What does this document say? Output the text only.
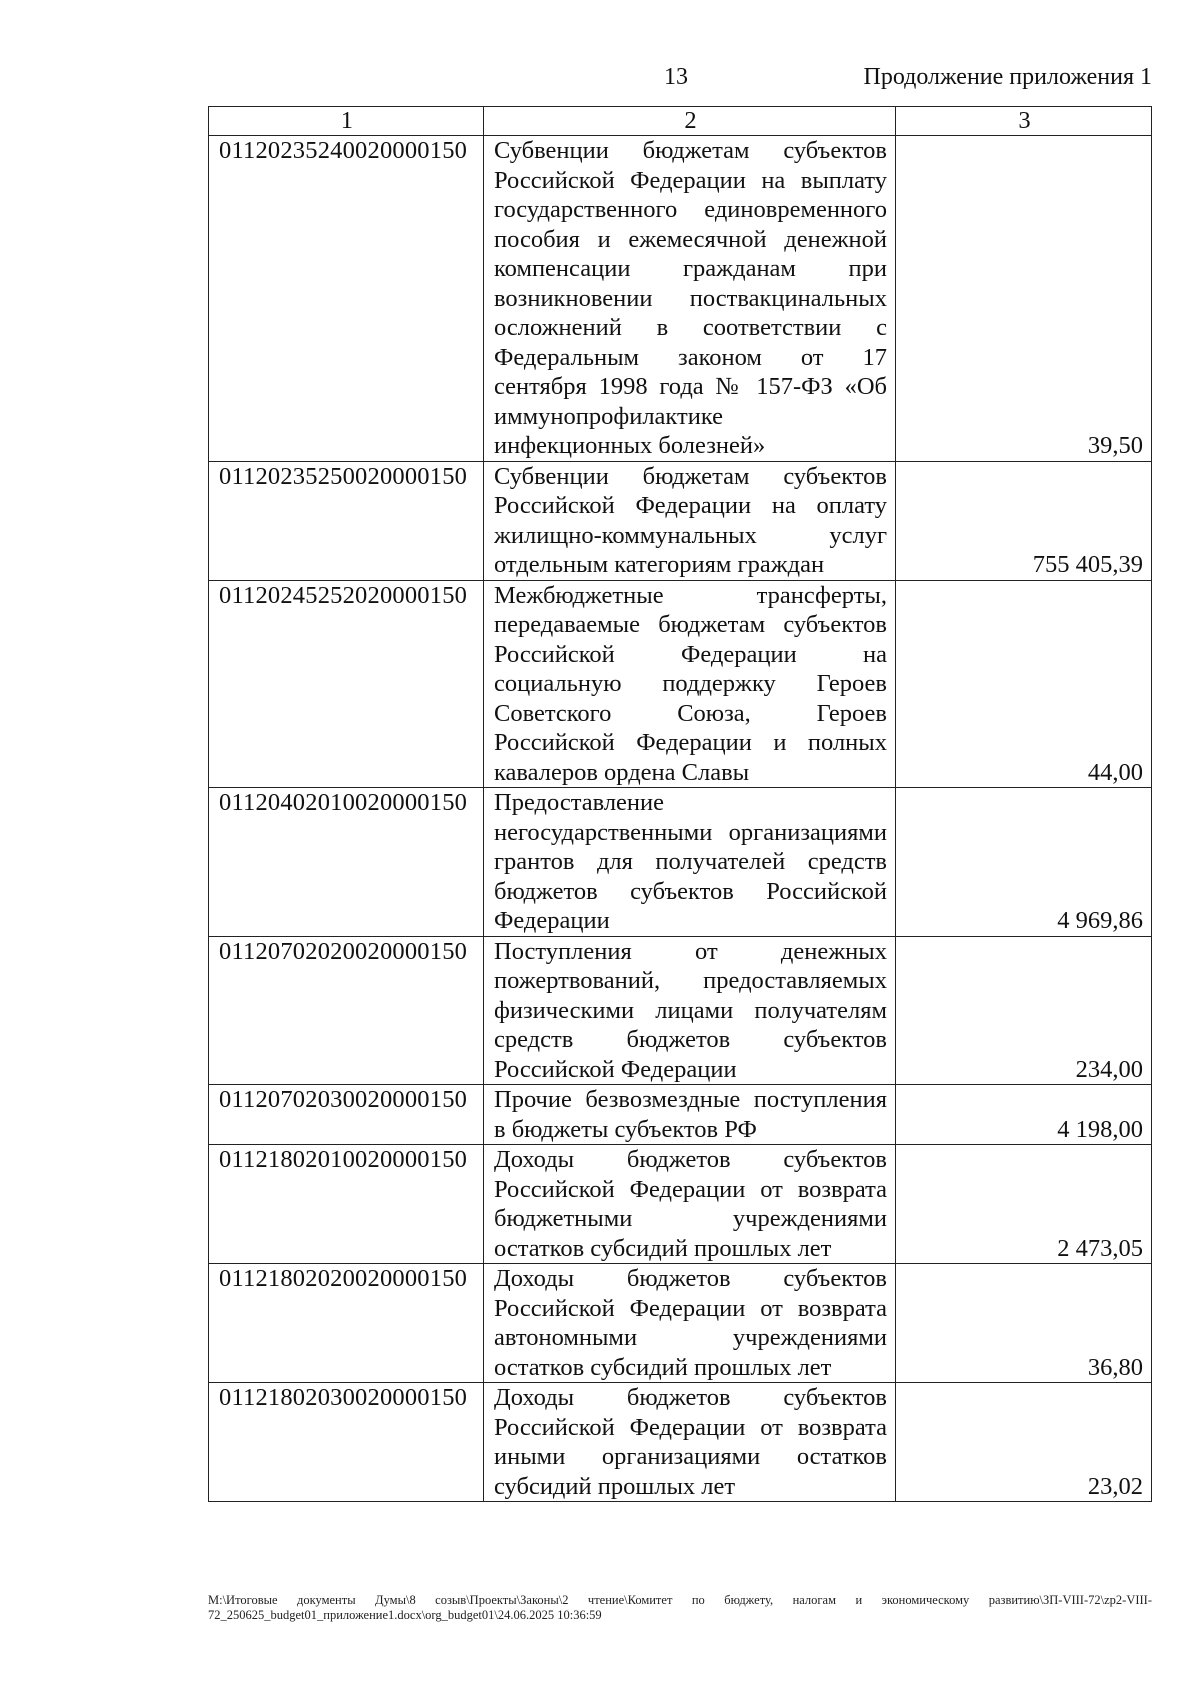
13	Продолжение приложения 1
1	2	3
01120235240020000150	Субвенции бюджетам субъектов Российской Федерации на выплату государственного единовременного пособия и ежемесячной денежной компенсации гражданам при возникновении поствакцинальных осложнений в соответствии с Федеральным законом от 17 сентября 1998 года № 157-ФЗ «Об иммунопрофилактике инфекционных болезней»	39,50
01120235250020000150	Субвенции бюджетам субъектов Российской Федерации на оплату жилищно-коммунальных услуг отдельным категориям граждан	755 405,39
01120245252020000150	Межбюджетные трансферты, передаваемые бюджетам субъектов Российской Федерации на социальную поддержку Героев Советского Союза, Героев Российской Федерации и полных кавалеров ордена Славы	44,00
01120402010020000150	Предоставление негосударственными организациями грантов для получателей средств бюджетов субъектов Российской Федерации	4 969,86
01120702020020000150	Поступления от денежных пожертвований, предоставляемых физическими лицами получателям средств бюджетов субъектов Российской Федерации	234,00
01120702030020000150	Прочие безвозмездные поступления в бюджеты субъектов РФ	4 198,00
01121802010020000150	Доходы бюджетов субъектов Российской Федерации от возврата бюджетными учреждениями остатков субсидий прошлых лет	2 473,05
01121802020020000150	Доходы бюджетов субъектов Российской Федерации от возврата автономными учреждениями остатков субсидий прошлых лет	36,80
01121802030020000150	Доходы бюджетов субъектов Российской Федерации от возврата иными организациями остатков субсидий прошлых лет	23,02
M:\Итоговые документы Думы\8 созыв\Проекты\Законы\2 чтение\Комитет по бюджету, налогам и экономическому развитию\ЗП-VIII-72\zp2-VIII-72_250625_budget01_приложение1.docx\org_budget01\24.06.2025 10:36:59
